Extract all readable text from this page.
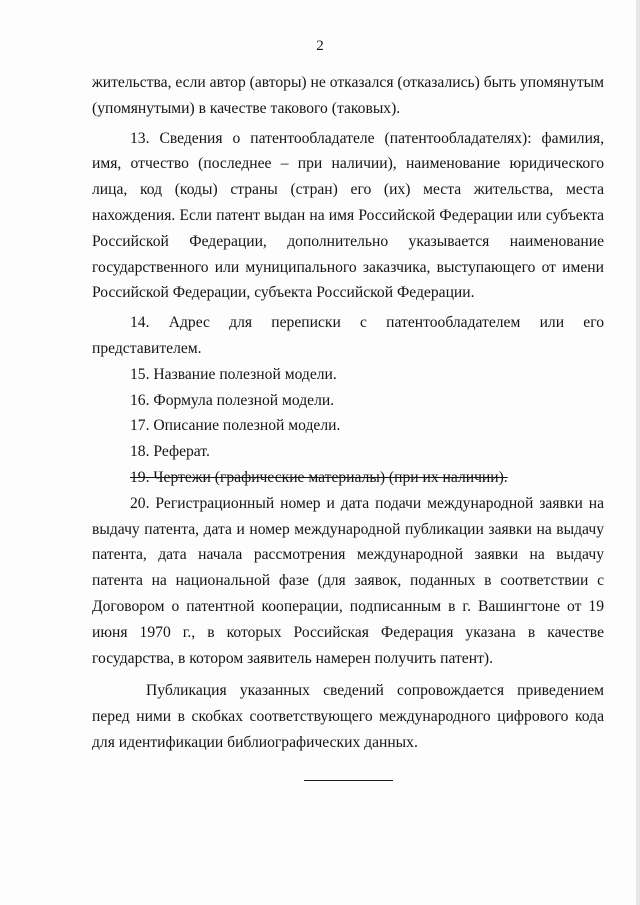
2

жительства, если автор (авторы) не отказался (отказались) быть упомянутым (упомянутыми) в качестве такового (таковых).

13. Сведения о патентообладателе (патентообладателях): фамилия, имя, отчество (последнее – при наличии), наименование юридического лица, код (коды) страны (стран) его (их) места жительства, места нахождения. Если патент выдан на имя Российской Федерации или субъекта Российской Федерации, дополнительно указывается наименование государственного или муниципального заказчика, выступающего от имени Российской Федерации, субъекта Российской Федерации.

14. Адрес для переписки с патентообладателем или его представителем.

15. Название полезной модели.

16. Формула полезной модели.

17. Описание полезной модели.

18. Реферат.

19. Чертежи (графические материалы) (при их наличии).

20. Регистрационный номер и дата подачи международной заявки на выдачу патента, дата и номер международной публикации заявки на выдачу патента, дата начала рассмотрения международной заявки на выдачу патента на национальной фазе (для заявок, поданных в соответствии с Договором о патентной кооперации, подписанным в г. Вашингтоне от 19 июня 1970 г., в которых Российская Федерация указана в качестве государства, в котором заявитель намерен получить патент).

Публикация указанных сведений сопровождается приведением перед ними в скобках соответствующего международного цифрового кода для идентификации библиографических данных.
